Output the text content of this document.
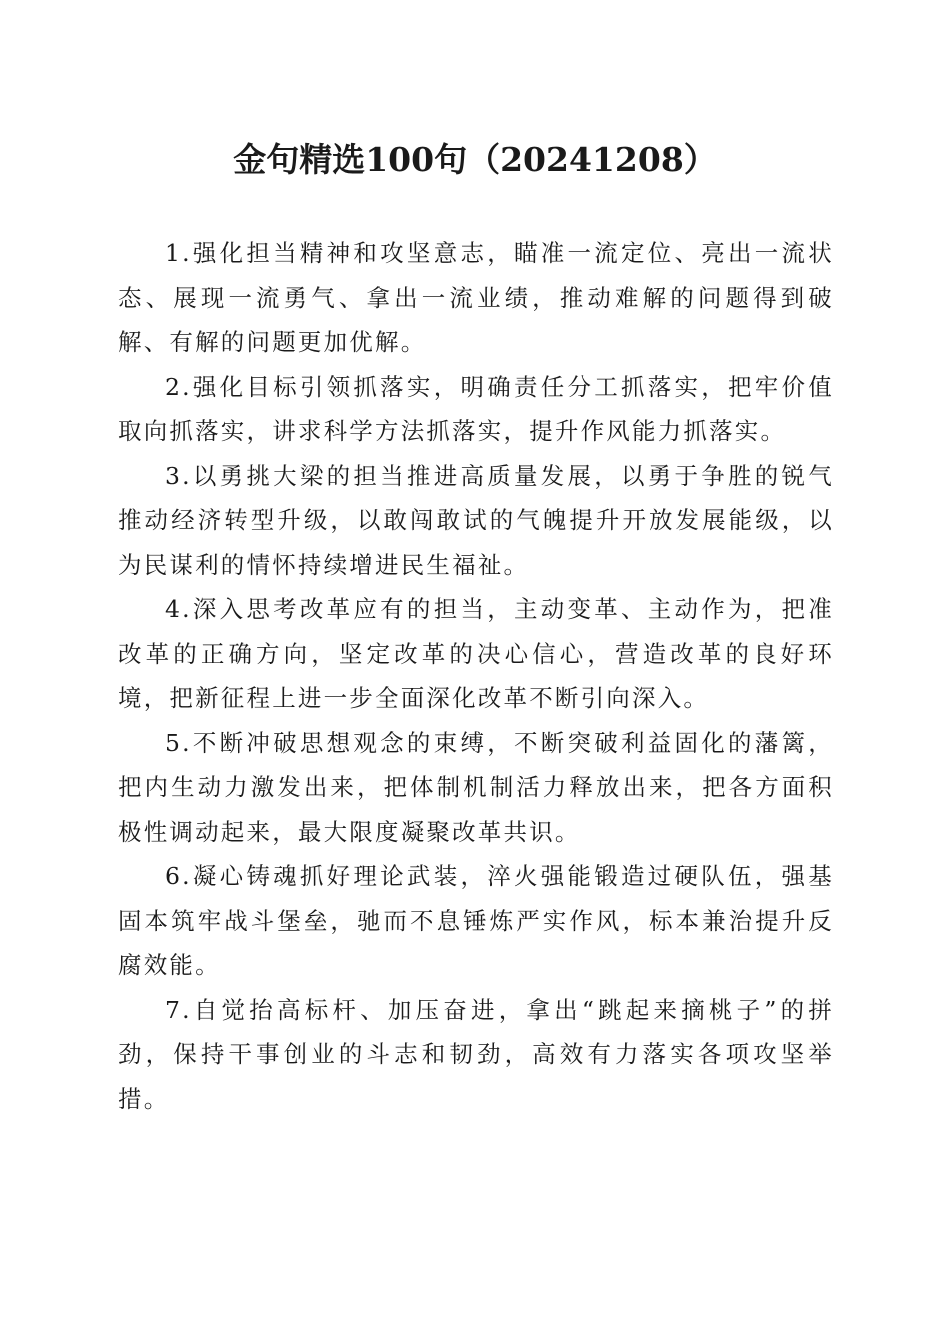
金句精选100句（20241208）

1.强化担当精神和攻坚意志，瞄准一流定位、亮出一流状态、展现一流勇气、拿出一流业绩，推动难解的问题得到破解、有解的问题更加优解。

2.强化目标引领抓落实，明确责任分工抓落实，把牢价值取向抓落实，讲求科学方法抓落实，提升作风能力抓落实。

3.以勇挑大梁的担当推进高质量发展，以勇于争胜的锐气推动经济转型升级，以敢闯敢试的气魄提升开放发展能级，以为民谋利的情怀持续增进民生福祉。

4.深入思考改革应有的担当，主动变革、主动作为，把准改革的正确方向，坚定改革的决心信心，营造改革的良好环境，把新征程上进一步全面深化改革不断引向深入。

5.不断冲破思想观念的束缚，不断突破利益固化的藩篱，把内生动力激发出来，把体制机制活力释放出来，把各方面积极性调动起来，最大限度凝聚改革共识。

6.凝心铸魂抓好理论武装，淬火强能锻造过硬队伍，强基固本筑牢战斗堡垒，驰而不息锤炼严实作风，标本兼治提升反腐效能。

7.自觉抬高标杆、加压奋进，拿出“跳起来摘桃子”的拼劲，保持干事创业的斗志和韧劲，高效有力落实各项攻坚举措。
